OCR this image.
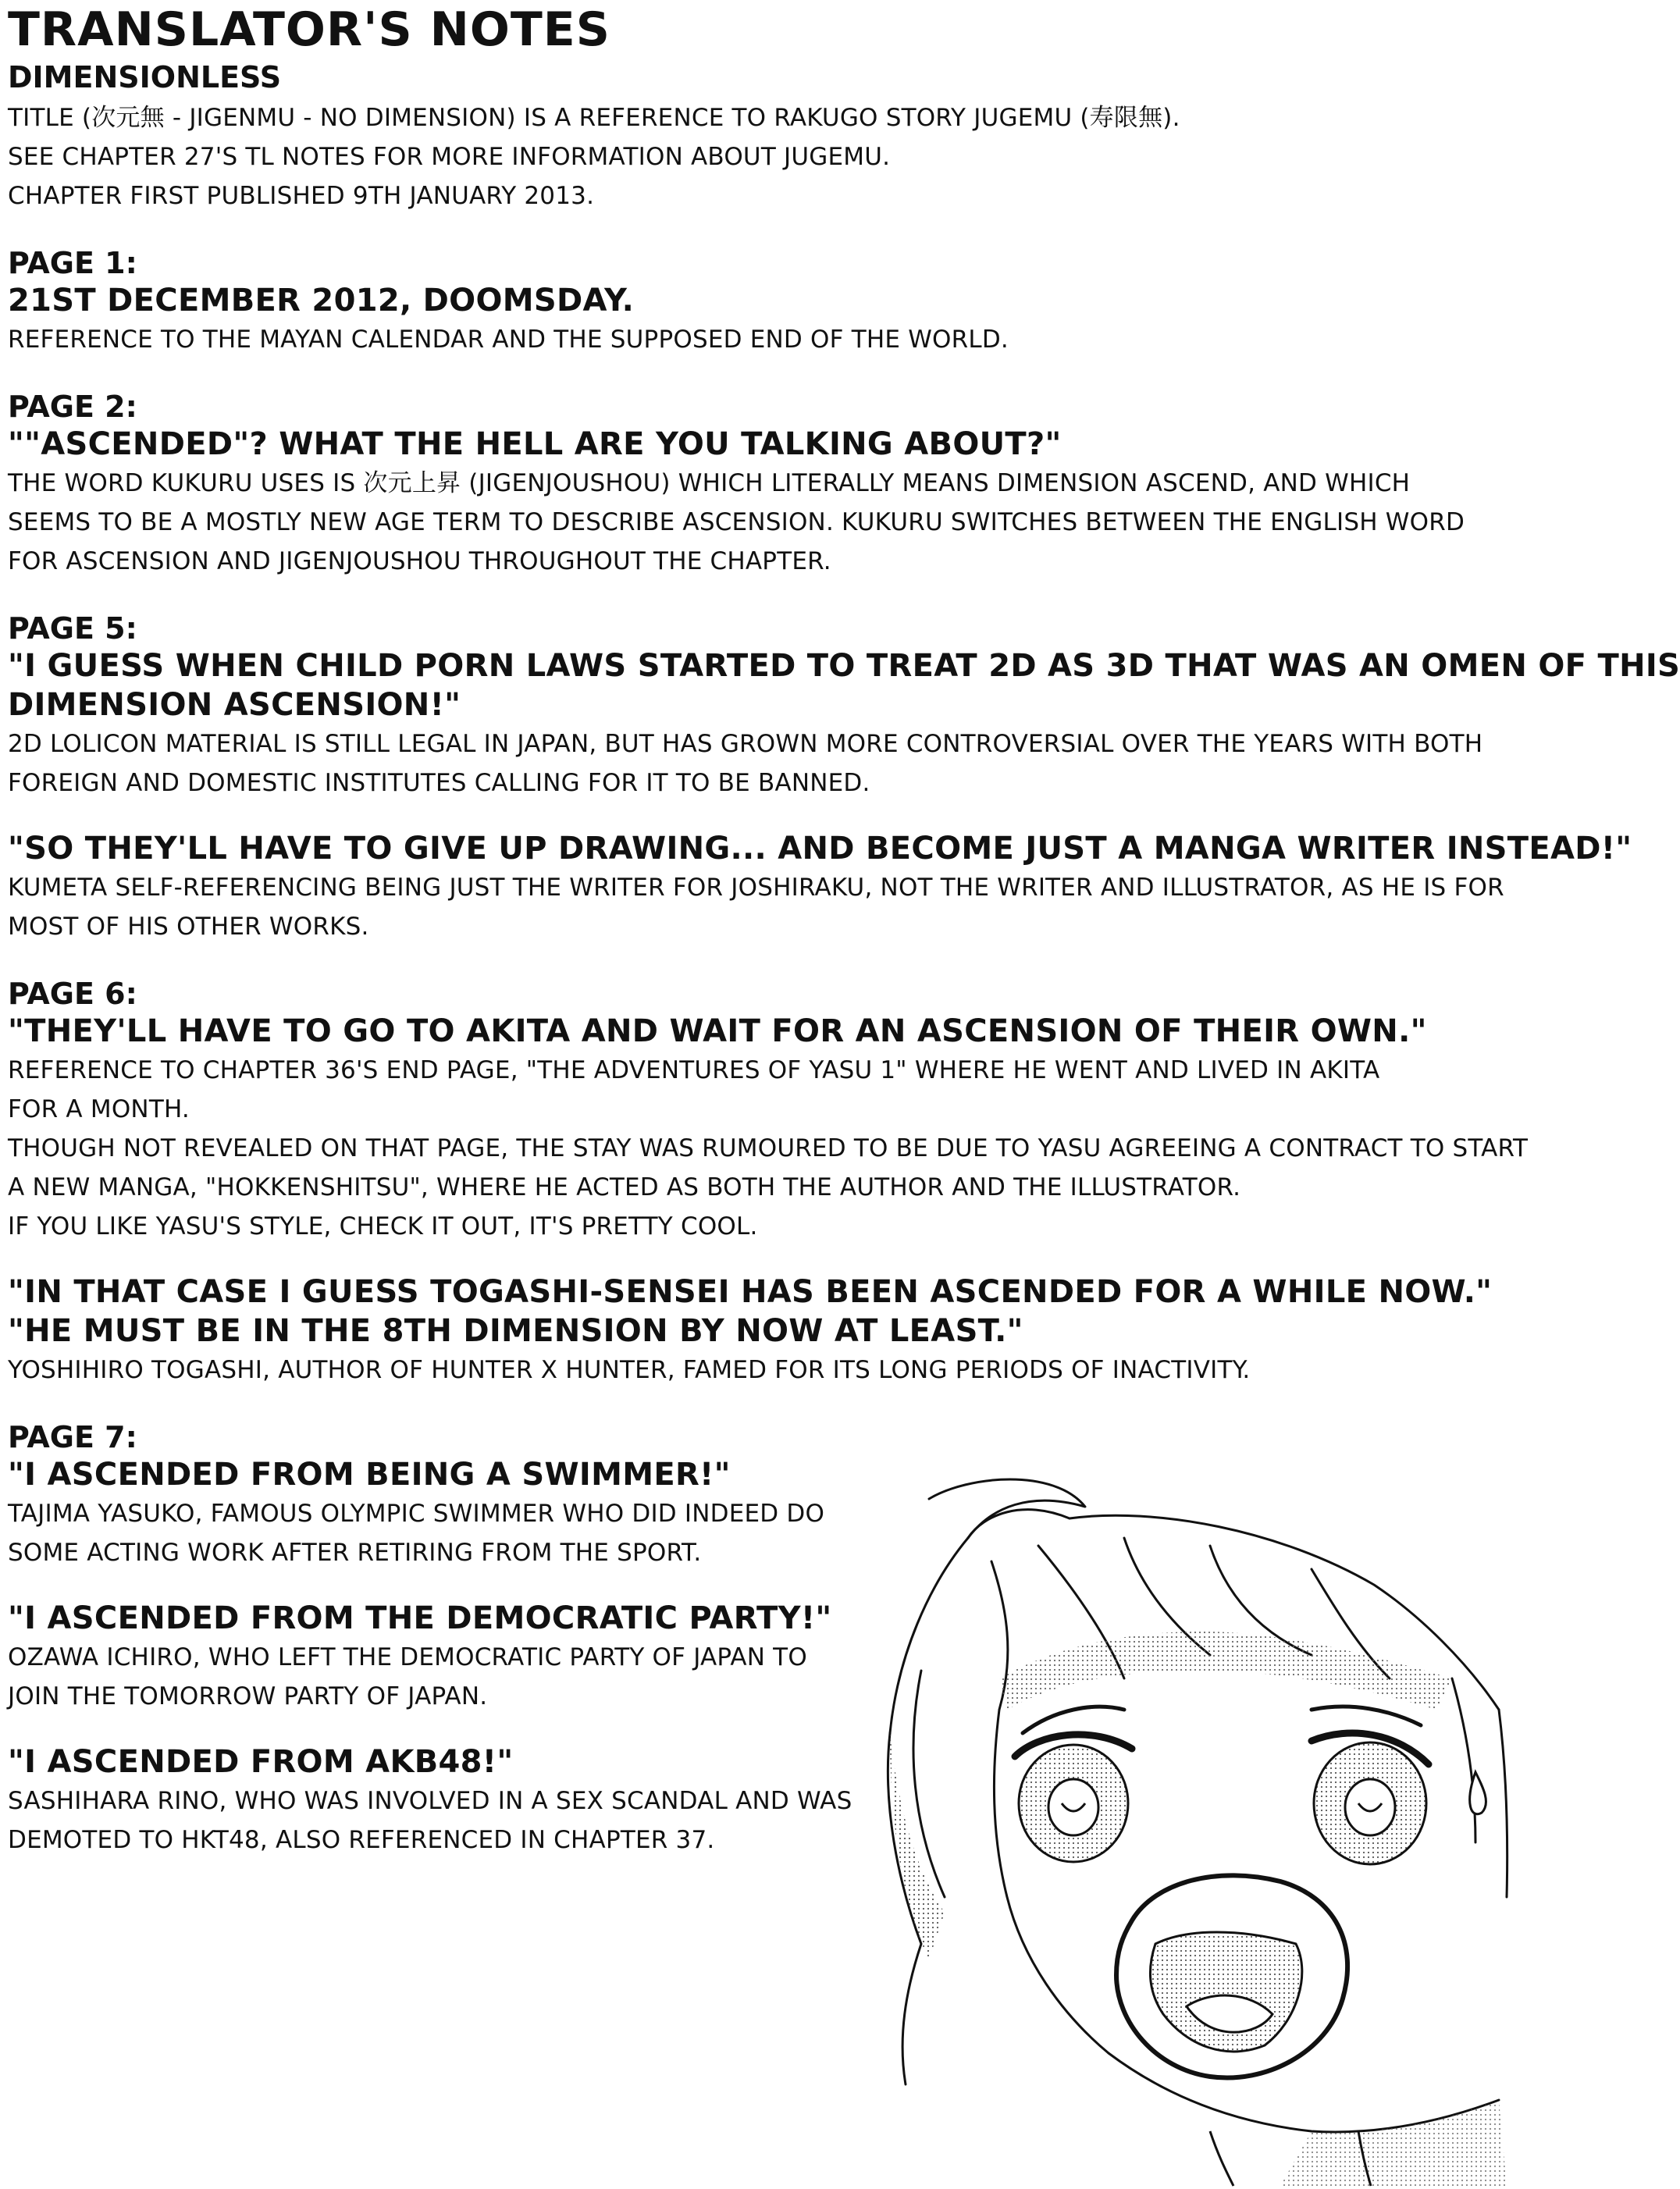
TRANSLATOR'S NOTES
DIMENSIONLESS
TITLE (次元無 - JIGENMU - NO DIMENSION) IS A REFERENCE TO RAKUGO STORY JUGEMU (寿限無).
SEE CHAPTER 27'S TL NOTES FOR MORE INFORMATION ABOUT JUGEMU.
CHAPTER FIRST PUBLISHED 9TH JANUARY 2013.
PAGE 1:
21ST DECEMBER 2012, DOOMSDAY.
REFERENCE TO THE MAYAN CALENDAR AND THE SUPPOSED END OF THE WORLD.
PAGE 2:
""ASCENDED"? WHAT THE HELL ARE YOU TALKING ABOUT?"
THE WORD KUKURU USES IS 次元上昇 (JIGENJOUSHOU) WHICH LITERALLY MEANS DIMENSION ASCEND, AND WHICH
SEEMS TO BE A MOSTLY NEW AGE TERM TO DESCRIBE ASCENSION. KUKURU SWITCHES BETWEEN THE ENGLISH WORD
FOR ASCENSION AND JIGENJOUSHOU THROUGHOUT THE CHAPTER.
PAGE 5:
"I GUESS WHEN CHILD PORN LAWS STARTED TO TREAT 2D AS 3D THAT WAS AN OMEN OF THIS
DIMENSION ASCENSION!"
2D LOLICON MATERIAL IS STILL LEGAL IN JAPAN, BUT HAS GROWN MORE CONTROVERSIAL OVER THE YEARS WITH BOTH
FOREIGN AND DOMESTIC INSTITUTES CALLING FOR IT TO BE BANNED.
"SO THEY'LL HAVE TO GIVE UP DRAWING... AND BECOME JUST A MANGA WRITER INSTEAD!"
KUMETA SELF-REFERENCING BEING JUST THE WRITER FOR JOSHIRAKU, NOT THE WRITER AND ILLUSTRATOR, AS HE IS FOR
MOST OF HIS OTHER WORKS.
PAGE 6:
"THEY'LL HAVE TO GO TO AKITA AND WAIT FOR AN ASCENSION OF THEIR OWN."
REFERENCE TO CHAPTER 36'S END PAGE, "THE ADVENTURES OF YASU 1" WHERE HE WENT AND LIVED IN AKITA
FOR A MONTH.
THOUGH NOT REVEALED ON THAT PAGE, THE STAY WAS RUMOURED TO BE DUE TO YASU AGREEING A CONTRACT TO START
A NEW MANGA, "HOKKENSHITSU", WHERE HE ACTED AS BOTH THE AUTHOR AND THE ILLUSTRATOR.
IF YOU LIKE YASU'S STYLE, CHECK IT OUT, IT'S PRETTY COOL.
"IN THAT CASE I GUESS TOGASHI-SENSEI HAS BEEN ASCENDED FOR A WHILE NOW."
"HE MUST BE IN THE 8TH DIMENSION BY NOW AT LEAST."
YOSHIHIRO TOGASHI, AUTHOR OF HUNTER X HUNTER, FAMED FOR ITS LONG PERIODS OF INACTIVITY.
PAGE 7:
"I ASCENDED FROM BEING A SWIMMER!"
TAJIMA YASUKO, FAMOUS OLYMPIC SWIMMER WHO DID INDEED DO
SOME ACTING WORK AFTER RETIRING FROM THE SPORT.
"I ASCENDED FROM THE DEMOCRATIC PARTY!"
OZAWA ICHIRO, WHO LEFT THE DEMOCRATIC PARTY OF JAPAN TO
JOIN THE TOMORROW PARTY OF JAPAN.
"I ASCENDED FROM AKB48!"
SASHIHARA RINO, WHO WAS INVOLVED IN A SEX SCANDAL AND WAS
DEMOTED TO HKT48, ALSO REFERENCED IN CHAPTER 37.
